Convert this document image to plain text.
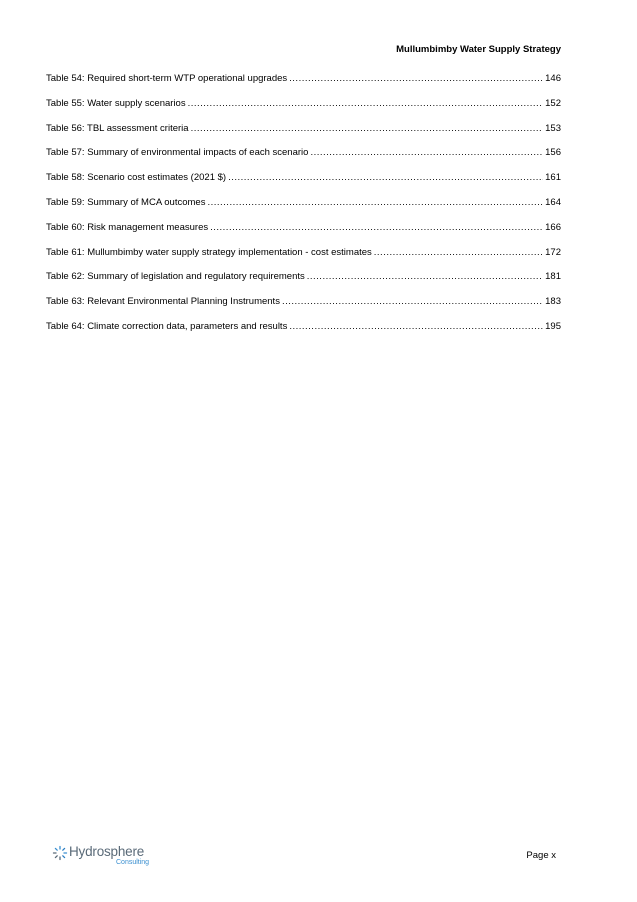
Mullumbimby Water Supply Strategy
Table 54: Required short-term WTP operational upgrades .....	146
Table 55: Water supply scenarios .....	152
Table 56: TBL assessment criteria .....	153
Table 57: Summary of environmental impacts of each scenario .....	156
Table 58: Scenario cost estimates (2021 $) .....	161
Table 59: Summary of MCA outcomes .....	164
Table 60: Risk management measures .....	166
Table 61: Mullumbimby water supply strategy implementation - cost estimates .....	172
Table 62: Summary of legislation and regulatory requirements .....	181
Table 63: Relevant Environmental Planning Instruments .....	183
Table 64: Climate correction data, parameters and results .....	195
Hydrosphere
Consulting
Page x
